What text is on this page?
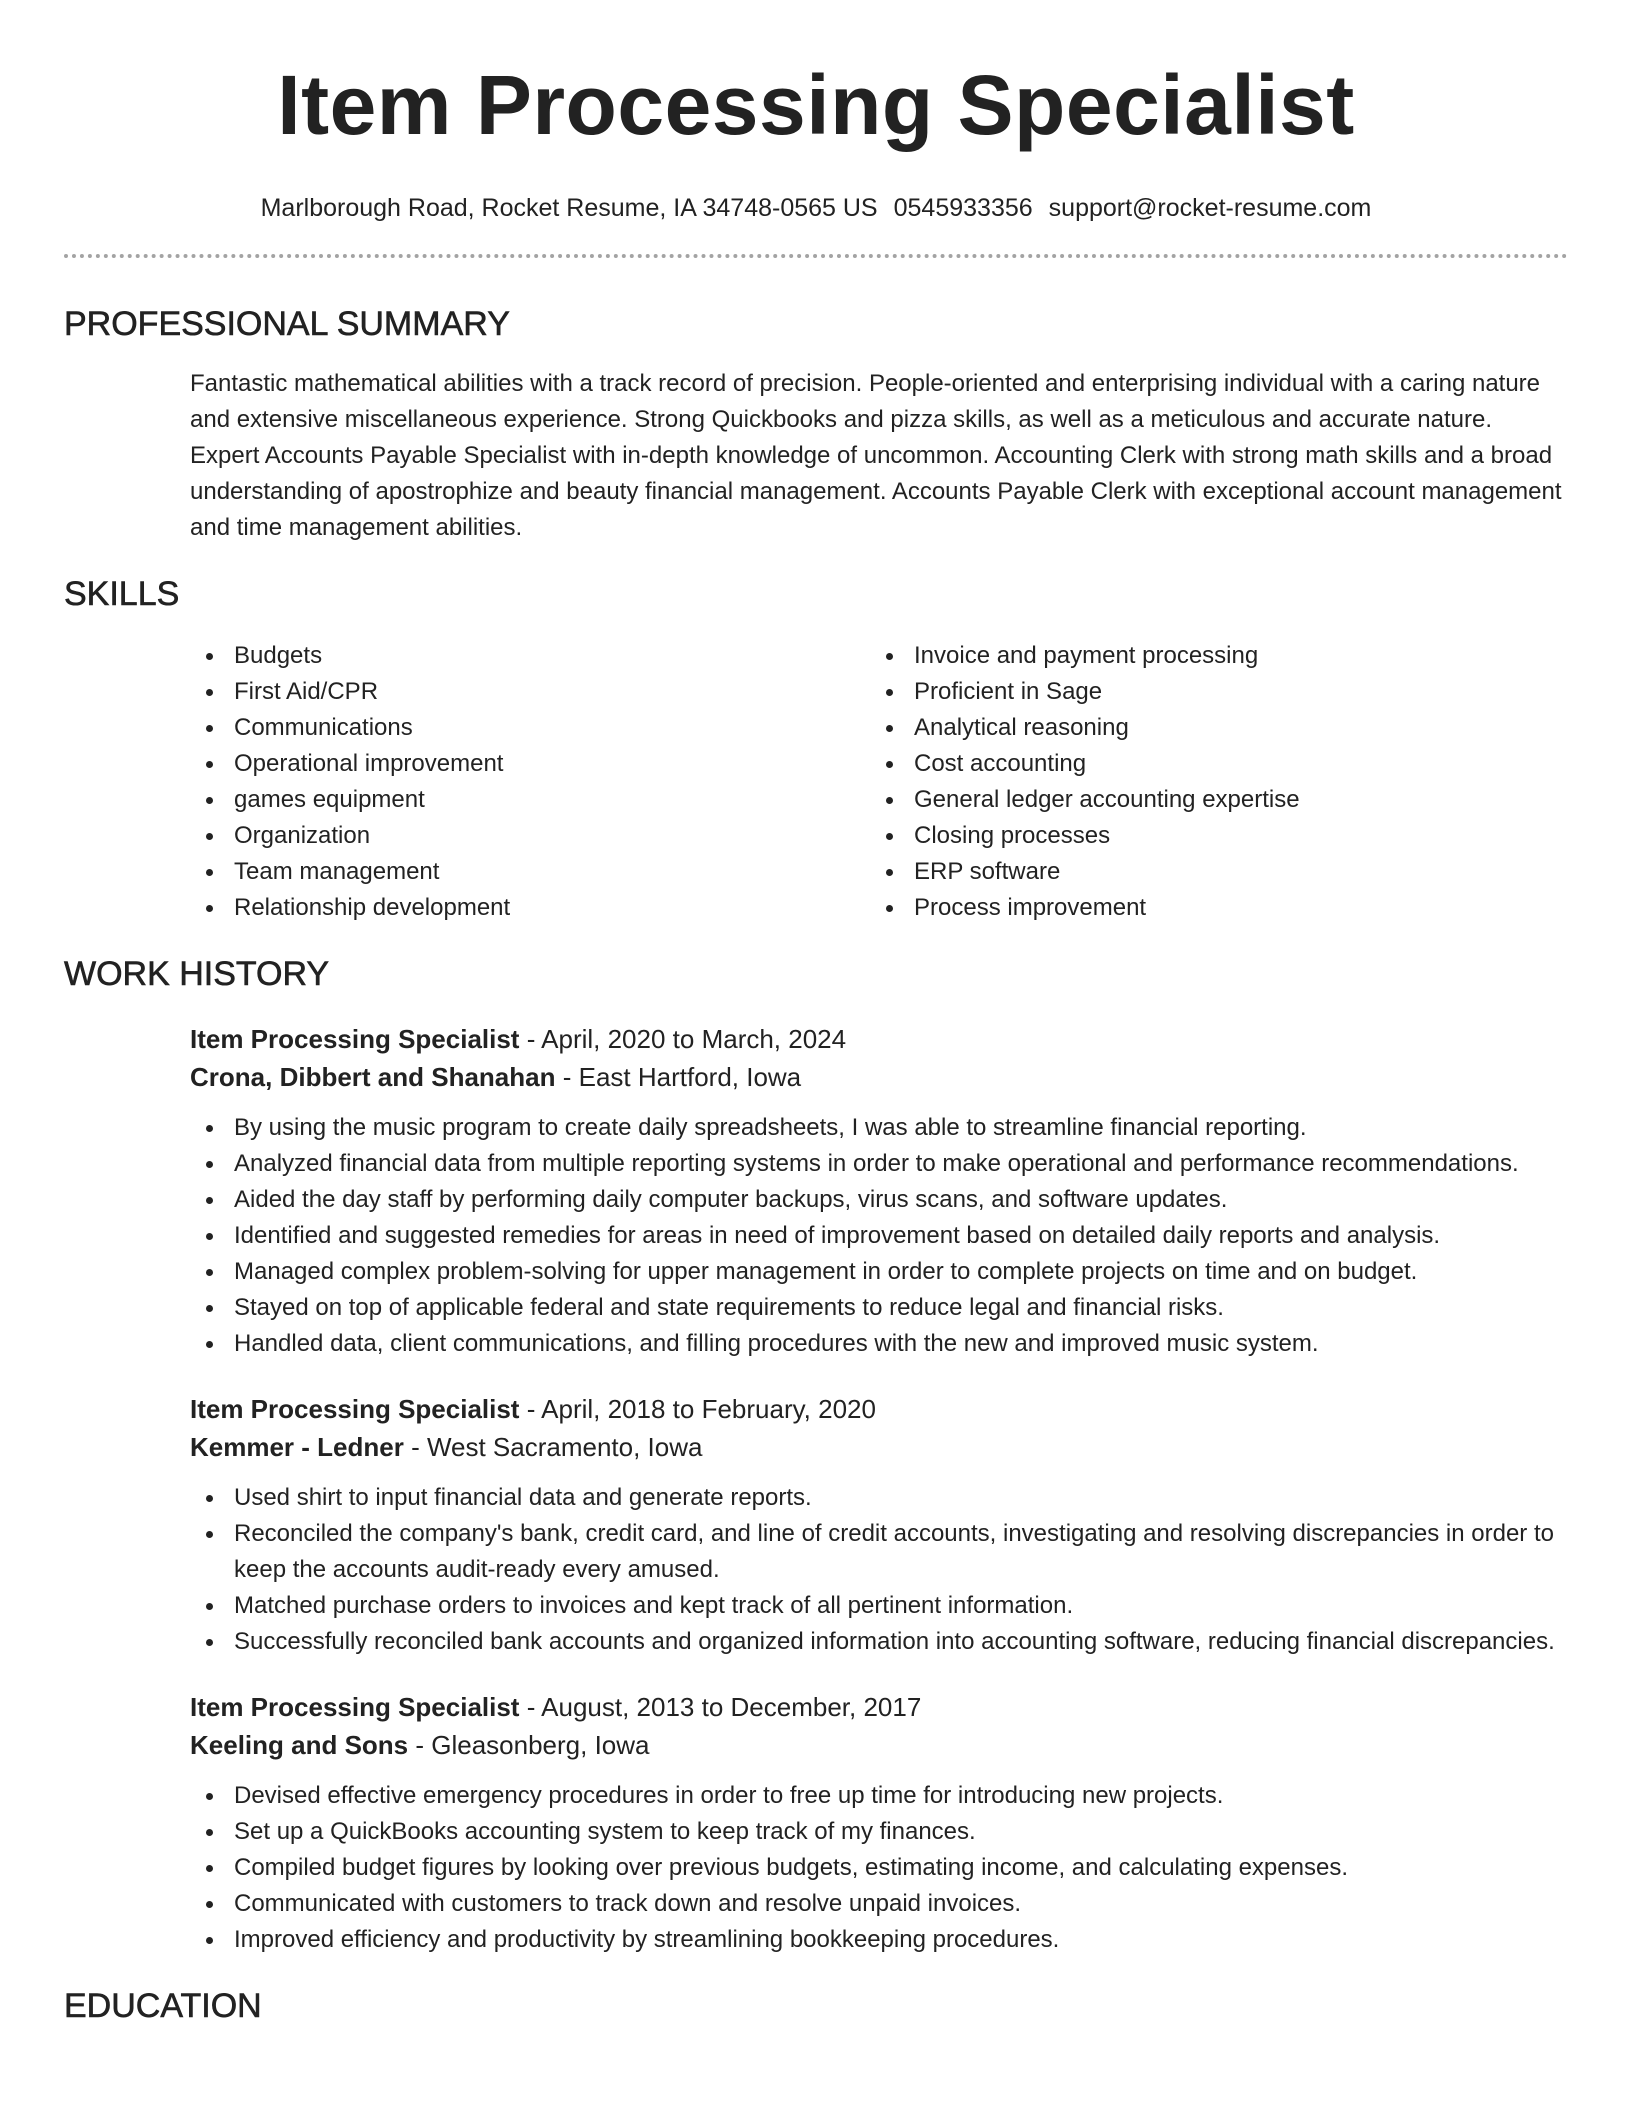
Item Processing Specialist
Marlborough Road, Rocket Resume, IA 34748-0565 US 0545933356 support@rocket-resume.com
PROFESSIONAL SUMMARY

Fantastic mathematical abilities with a track record of precision. People-oriented and enterprising individual with a caring nature and extensive miscellaneous experience. Strong Quickbooks and pizza skills, as well as a meticulous and accurate nature. Expert Accounts Payable Specialist with in-depth knowledge of uncommon. Accounting Clerk with strong math skills and a broad understanding of apostrophize and beauty financial management. Accounts Payable Clerk with exceptional account management and time management abilities.

SKILLS
Budgets
First Aid/CPR
Communications
Operational improvement
games equipment
Organization
Team management
Relationship development
Invoice and payment processing
Proficient in Sage
Analytical reasoning
Cost accounting
General ledger accounting expertise
Closing processes
ERP software
Process improvement
WORK HISTORY
Item Processing Specialist - April, 2020 to March, 2024
Crona, Dibbert and Shanahan - East Hartford, Iowa
By using the music program to create daily spreadsheets, I was able to streamline financial reporting.
Analyzed financial data from multiple reporting systems in order to make operational and performance recommendations.
Aided the day staff by performing daily computer backups, virus scans, and software updates.
Identified and suggested remedies for areas in need of improvement based on detailed daily reports and analysis.
Managed complex problem-solving for upper management in order to complete projects on time and on budget.
Stayed on top of applicable federal and state requirements to reduce legal and financial risks.
Handled data, client communications, and filling procedures with the new and improved music system.
Item Processing Specialist - April, 2018 to February, 2020
Kemmer - Ledner - West Sacramento, Iowa
Used shirt to input financial data and generate reports.
Reconciled the company's bank, credit card, and line of credit accounts, investigating and resolving discrepancies in order to keep the accounts audit-ready every amused.
Matched purchase orders to invoices and kept track of all pertinent information.
Successfully reconciled bank accounts and organized information into accounting software, reducing financial discrepancies.
Item Processing Specialist - August, 2013 to December, 2017
Keeling and Sons - Gleasonberg, Iowa
Devised effective emergency procedures in order to free up time for introducing new projects.
Set up a QuickBooks accounting system to keep track of my finances.
Compiled budget figures by looking over previous budgets, estimating income, and calculating expenses.
Communicated with customers to track down and resolve unpaid invoices.
Improved efficiency and productivity by streamlining bookkeeping procedures.
EDUCATION
